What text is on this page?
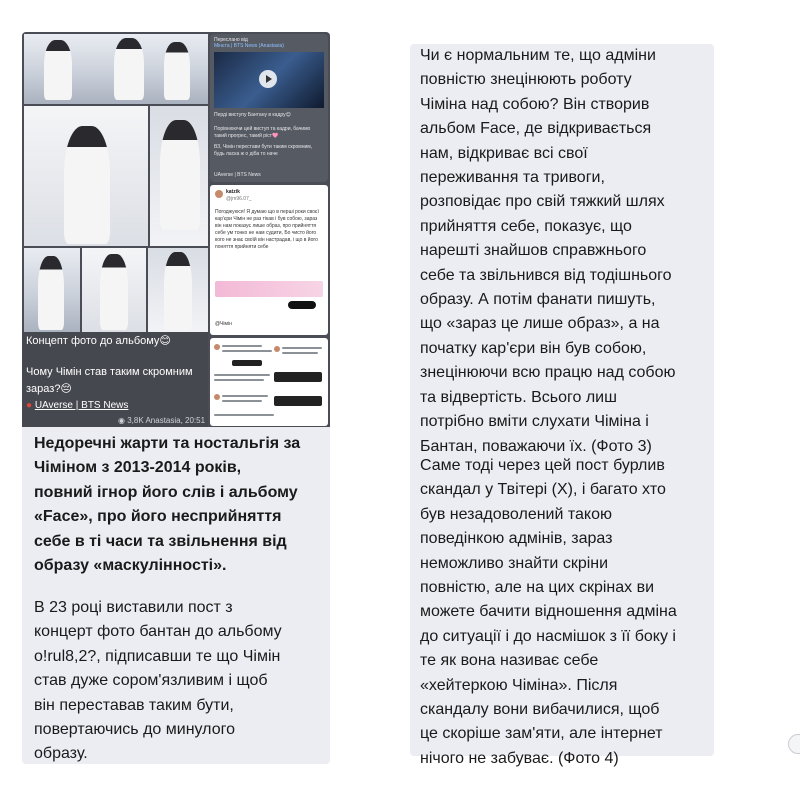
Концепт фото до альбому😊
Чому Чімін став таким скромним
зараз?😔
● UAverse | BTS News
◉ 3,8K Anastasia, 20:51
Переслано від
Мінєта | BTS News (Anastasia)
Перді виступу Бантану в кадру😊
Порівнюючи цей виступ та кадри, бачимо такий прогрес, такий ріст🩷
ВЗ, Чімін перестави бути таким скромним, будь ласка ж о діба то наче
UAverse | BTS News
katzik
@jm96.07_
Погоджуюся! Я думаю що в перші роки своєї кар'єри Чімін не раз тікав і був собою, зараз він нам показує лише образ, про прийняття себе ум тонко не нам судити, Бо чисто його кого не знає своїй він настрадав, і що в його поняття прийняти себе
@Чімін
Недоречні жарти та ностальгія за
Чіміном з 2013-2014 років,
повний ігнор його слів і альбому
«Face», про його несприйняття
себе в ті часи та звільнення від
образу «маскулінності».
В 23 році виставили пост з
концерт фото бантан до альбому
o!rul8,2?, підписавши те що Чімін
став дуже сором'язливим і щоб
він переставав таким бути,
повертаючись до минулого
образу.
Чи є нормальним те, що адміни
повністю знецінюють роботу
Чіміна над собою? Він створив
альбом Face, де відкривається
нам, відкриває всі свої
переживання та тривоги,
розповідає про свій тяжкий шлях
прийняття себе, показує, що
нарешті знайшов справжнього
себе та звільнився від тодішнього
образу. А потім фанати пишуть,
що «зараз це лише образ», а на
початку кар'єри він був собою,
знецінюючи всю працю над собою
та відвертість. Всього лиш
потрібно вміти слухати Чіміна і
Бантан, поважаючи їх. (Фото 3)
Саме тоді через цей пост бурлив
скандал у Твітері (X), і багато хто
був незадоволений такою
поведінкою адмінів, зараз
неможливо знайти скріни
повністю, але на цих скрінах ви
можете бачити відношення адміна
до ситуації і до насмішок з її боку і
те як вона називає себе
«хейтеркою Чіміна». Після
скандалу вони вибачилися, щоб
це скоріше зам'яти, але інтернет
нічого не забуває. (Фото 4)
